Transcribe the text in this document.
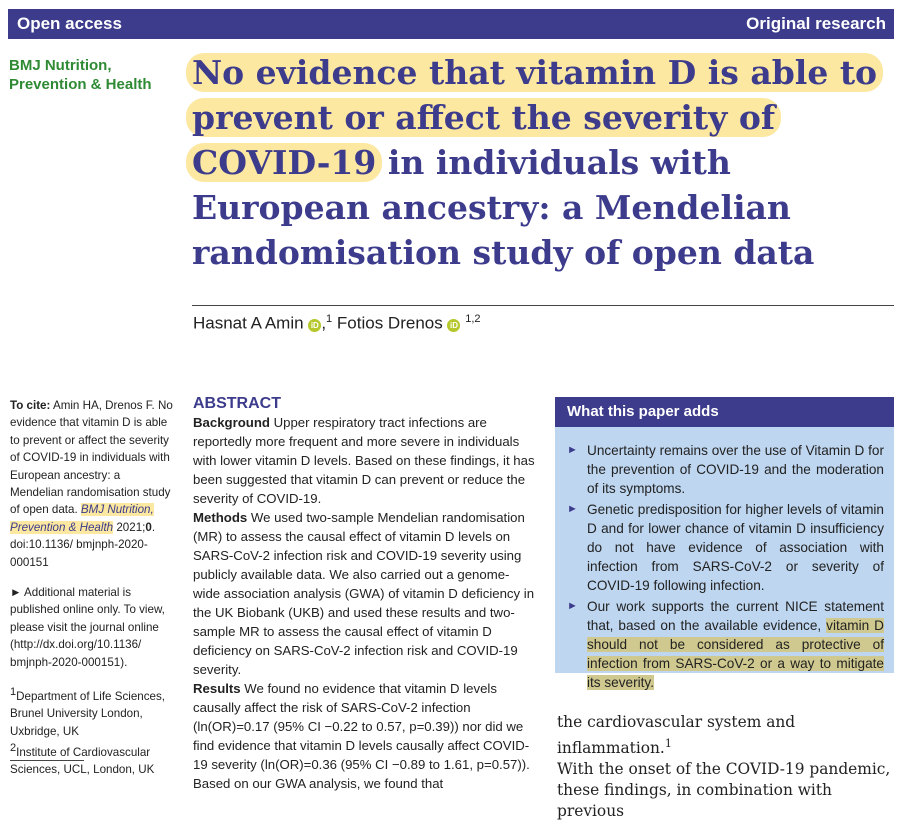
Open access	Original research
BMJ Nutrition,
Prevention & Health	No evidence that vitamin D is able to
prevent or affect the severity of
COVID-19 in individuals with
European ancestry: a Mendelian
randomisation study of open data
Hasnat A Amin iD ,$^1$ Fotios Drenos iD $^{1,2}$

To cite: Amin HA, Drenos F. No evidence that vitamin D is able to prevent or affect the severity of COVID-19 in individuals with European ancestry: a Mendelian randomisation study of open data. BMJ Nutrition, Prevention & Health 2021;0. doi:10.1136/ bmjnph-2020-000151

► Additional material is published online only. To view, please visit the journal online (http://dx.doi.org/10.1136/ bmjnph-2020-000151).

$^1$Department of Life Sciences, Brunel University London, Uxbridge, UK

$^2$Institute of Cardiovascular Sciences, UCL, London, UK

ABSTRACT

Background Upper respiratory tract infections are reportedly more frequent and more severe in individuals with lower vitamin D levels. Based on these findings, it has been suggested that vitamin D can prevent or reduce the severity of COVID-19.

Methods We used two-sample Mendelian randomisation (MR) to assess the causal effect of vitamin D levels on SARS-CoV-2 infection risk and COVID-19 severity using publicly available data. We also carried out a genome-wide association analysis (GWA) of vitamin D deficiency in the UK Biobank (UKB) and used these results and two-sample MR to assess the causal effect of vitamin D deficiency on SARS-CoV-2 infection risk and COVID-19 severity.

Results We found no evidence that vitamin D levels causally affect the risk of SARS-CoV-2 infection (ln(OR)=0.17 (95% CI −0.22 to 0.57, p=0.39)) nor did we find evidence that vitamin D levels causally affect COVID-19 severity (ln(OR)=0.36 (95% CI −0.89 to 1.61, p=0.57)). Based on our GWA analysis, we found that

What this paper adds
► Uncertainty remains over the use of Vitamin D for the prevention of COVID-19 and the moderation of its symptoms.
► Genetic predisposition for higher levels of vitamin D and for lower chance of vitamin D insufficiency do not have evidence of association with infection from SARS-CoV-2 or severity of COVID-19 following infection.
► Our work supports the current NICE statement that, based on the available evidence, vitamin D should not be considered as protective of infection from SARS-CoV-2 or a way to mitigate its severity.

the cardiovascular system and inflammation.$^1$

With the onset of the COVID-19 pandemic, these findings, in combination with previous
